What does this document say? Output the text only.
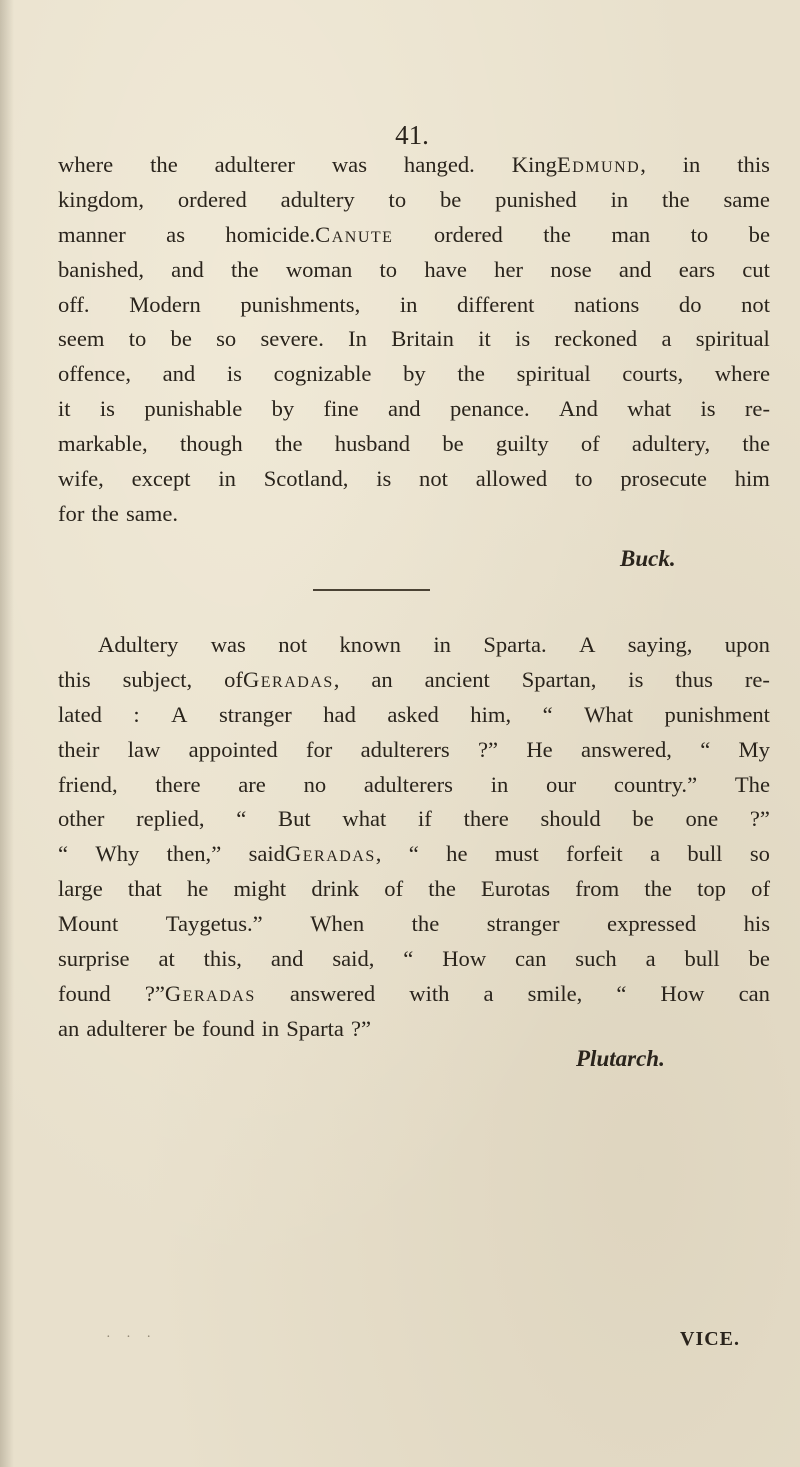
41.
where the adulterer was hanged. KingEdmund, in this
kingdom, ordered adultery to be punished in the same
manner as homicide.Canute ordered the man to be
banished, and the woman to have her nose and ears cut
off. Modern punishments, in different nations do not
seem to be so severe. In Britain it is reckoned a spiritual
offence, and is cognizable by the spiritual courts, where
it is punishable by fine and penance. And what is re-
markable, though the husband be guilty of adultery, the
wife, except in Scotland, is not allowed to prosecute him
for the same.
Buck.
Adultery was not known in Sparta. A saying, upon
this subject, ofGeradas, an ancient Spartan, is thus re-
lated : A stranger had asked him, “ What punishment
their law appointed for adulterers ?” He answered, “ My
friend, there are no adulterers in our country.” The
other replied, “ But what if there should be one ?”
“ Why then,” saidGeradas, “ he must forfeit a bull so
large that he might drink of the Eurotas from the top of
Mount Taygetus.” When the stranger expressed his
surprise at this, and said, “ How can such a bull be
found ?”Geradas answered with a smile, “ How can
an adulterer be found in Sparta ?”
Plutarch.
· · ·	VICE.
